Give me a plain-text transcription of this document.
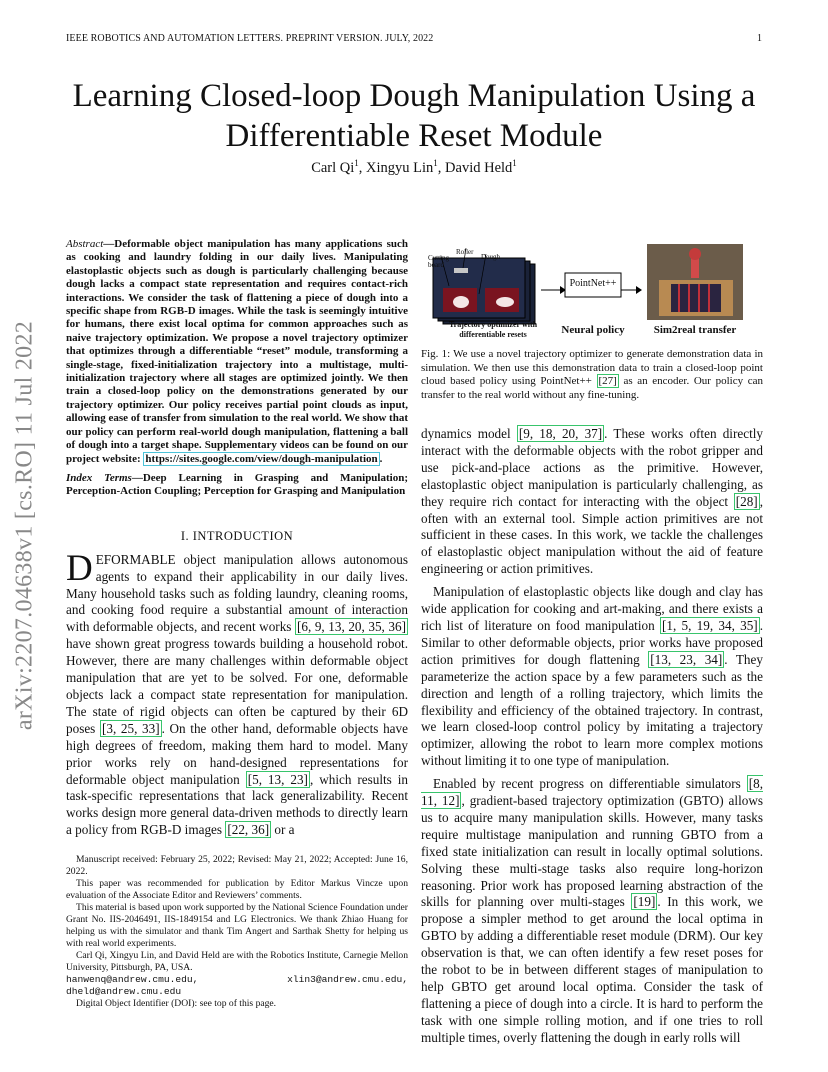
IEEE ROBOTICS AND AUTOMATION LETTERS. PREPRINT VERSION. JULY, 2022	1
arXiv:2207.04638v1 [cs.RO] 11 Jul 2022
Learning Closed-loop Dough Manipulation Using a Differentiable Reset Module
Carl Qi$^1$, Xingyu Lin$^1$, David Held$^1$
Abstract—Deformable object manipulation has many applications such as cooking and laundry folding in our daily lives. Manipulating elastoplastic objects such as dough is particularly challenging because dough lacks a compact state representation and requires contact-rich interactions. We consider the task of flattening a piece of dough into a specific shape from RGB-D images. While the task is seemingly intuitive for humans, there exist local optima for common approaches such as naive trajectory optimization. We propose a novel trajectory optimizer that optimizes through a differentiable “reset” module, transforming a single-stage, fixed-initialization trajectory into a multistage, multi-initialization trajectory where all stages are optimized jointly. We then train a closed-loop policy on the demonstrations generated by our trajectory optimizer. Our policy receives partial point clouds as input, allowing ease of transfer from simulation to the real world. We show that our policy can perform real-world dough manipulation, flattening a ball of dough into a target shape. Supplementary videos can be found on our project website: https://sites.google.com/view/dough-manipulation .
Index Terms—Deep Learning in Grasping and Manipulation; Perception-Action Coupling; Perception for Grasping and Manipulation
I. INTRODUCTION

DEFORMABLE object manipulation allows autonomous agents to expand their applicability in our daily lives. Many household tasks such as folding laundry, cleaning rooms, and cooking food require a substantial amount of interaction with deformable objects, and recent works [6, 9, 13, 20, 35, 36] have shown great progress towards building a household robot. However, there are many challenges within deformable object manipulation that are yet to be solved. For one, deformable objects lack a compact state representation for manipulation. The state of rigid objects can often be captured by their 6D poses [3, 25, 33] . On the other hand, deformable objects have high degrees of freedom, making them hard to model. Many prior works rely on hand-designed representations for deformable object manipulation [5, 13, 23] , which results in task-specific representations that lack generalizability. Recent works design more general data-driven methods to directly learn a policy from RGB-D images [22, 36] or a

Manuscript received: February 25, 2022; Revised: May 21, 2022; Accepted: June 16, 2022.

This paper was recommended for publication by Editor Markus Vincze upon evaluation of the Associate Editor and Reviewers’ comments.

This material is based upon work supported by the National Science Foundation under Grant No. IIS-2046491, IIS-1849154 and LG Electronics. We thank Zhiao Huang for helping us with the simulator and thank Tim Angert and Sarthak Shetty for helping us with real world experiments.

Carl Qi, Xingyu Lin, and David Held are with the Robotics Institute, Carnegie Mellon University, Pittsburgh, PA, USA.

hanwenq@andrew.cmu.edu, xlin3@andrew.cmu.edu, dheld@andrew.cmu.edu

Digital Object Identifier (DOI): see top of this page.

Cutting board
Roller
Dough
PointNet++
Trajectory optimizer with differentiable resets	Neural policy	Sim2real transfer
Fig. 1: We use a novel trajectory optimizer to generate demonstration data in simulation. We then use this demonstration data to train a closed-loop point cloud based policy using PointNet++ [27] as an encoder. Our policy can transfer to the real world without any fine-tuning.

dynamics model [9, 18, 20, 37] . These works often directly interact with the deformable objects with the robot gripper and use pick-and-place actions as the primitive. However, elastoplastic object manipulation is particularly challenging, as they require rich contact for interacting with the object [28] , often with an external tool. Simple action primitives are not sufficient in these cases. In this work, we tackle the challenges of elastoplastic object manipulation without the aid of feature engineering or action primitives.

Manipulation of elastoplastic objects like dough and clay has wide application for cooking and art-making, and there exists a rich list of literature on food manipulation [1, 5, 19, 34, 35] . Similar to other deformable objects, prior works have proposed action primitives for dough flattening [13, 23, 34] . They parameterize the action space by a few parameters such as the direction and length of a rolling trajectory, which limits the flexibility and efficiency of the obtained trajectory. In contrast, we learn closed-loop control policy by imitating a trajectory optimizer, allowing the robot to learn more complex motions without limiting it to one type of manipulation.

Enabled by recent progress on differentiable simulators [8, 11, 12] , gradient-based trajectory optimization (GBTO) allows us to acquire many manipulation skills. However, many tasks require multistage manipulation and running GBTO from a fixed state initialization can result in locally optimal solutions. Solving these multi-stage tasks also require long-horizon reasoning. Prior work has proposed learning abstraction of the skills for planning over multi-stages [19] . In this work, we propose a simpler method to get around the local optima in GBTO by adding a differentiable reset module (DRM). Our key observation is that, we can often identify a few reset poses for the robot to be in between different stages of manipulation to help GBTO get around local optima. Consider the task of flattening a piece of dough into a circle. It is hard to perform the task with one simple rolling motion, and if one tries to roll multiple times, overly flattening the dough in early rolls will
